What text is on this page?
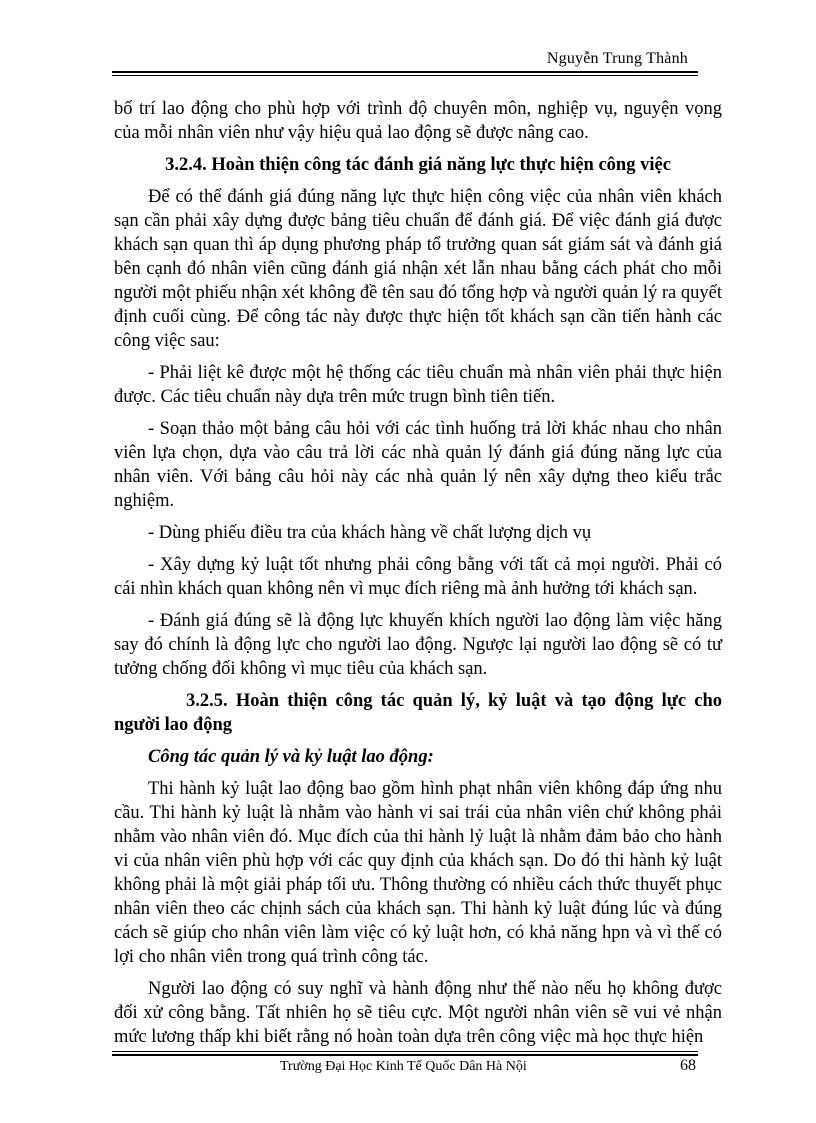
Nguyễn Trung Thành

bố trí lao động cho phù hợp với trình độ chuyên môn, nghiệp vụ, nguyện vọng của mỗi nhân viên như vậy hiệu quả lao động sẽ được nâng cao.

3.2.4. Hoàn thiện công tác đánh giá năng lực thực hiện công việc

Để có thể đánh giá đúng năng lực thực hiện công việc của nhân viên khách sạn cần phải xây dựng được bảng tiêu chuẩn để đánh giá. Để việc đánh giá được khách sạn quan thì áp dụng phương pháp tổ trưởng quan sát giám sát và đánh giá bên cạnh đó nhân viên cũng đánh giá nhận xét lẫn nhau bằng cách phát cho mỗi người một phiếu nhận xét không đề tên sau đó tổng hợp và người quản lý ra quyết định cuối cùng. Để công tác này được thực hiện tốt khách sạn cần tiến hành các công việc sau:

- Phải liệt kê được một hệ thống các tiêu chuẩn mà nhân viên phải thực hiện được. Các tiêu chuẩn này dựa trên mức trugn bình tiên tiến.

- Soạn thảo một bảng câu hỏi với các tình huống trả lời khác nhau cho nhân viên lựa chọn, dựa vào câu trả lời các nhà quản lý đánh giá đúng năng lực của nhân viên. Với bảng câu hỏi này các nhà quản lý nên xây dựng theo kiểu trắc nghiệm.

- Dùng phiếu điều tra của khách hàng về chất lượng dịch vụ

- Xây dựng kỷ luật tốt nhưng phải công bằng với tất cả mọi người. Phải có cái nhìn khách quan không nên vì mục đích riêng mà ảnh hưởng tới khách sạn.

- Đánh giá đúng sẽ là động lực khuyến khích người lao động làm việc hăng say đó chính là động lực cho người lao động. Ngược lại người lao động sẽ có tư tưởng chống đối không vì mục tiêu của khách sạn.

3.2.5. Hoàn thiện công tác quản lý, kỷ luật và tạo động lực cho người lao động

Công tác quản lý và kỷ luật lao động:

Thi hành kỷ luật lao động bao gồm hình phạt nhân viên không đáp ứng nhu cầu. Thi hành kỷ luật là nhằm vào hành vi sai trái của nhân viên chứ không phải nhằm vào nhân viên đó. Mục đích của thi hành lỷ luật là nhằm đảm bảo cho hành vi của nhân viên phù hợp với các quy định của khách sạn. Do đó thi hành kỷ luật không phải là một giải pháp tối ưu. Thông thường có nhiều cách thức thuyết phục nhân viên theo các chịnh sách của khách sạn. Thi hành kỷ luật đúng lúc và đúng cách sẽ giúp cho nhân viên làm việc có kỷ luật hơn, có khả năng hpn và vì thế có lợi cho nhân viên trong quá trình công tác.

Người lao động có suy nghĩ và hành động như thế nào nếu họ không được đối xử công bằng. Tất nhiên họ sẽ tiêu cực. Một người nhân viên sẽ vui vẻ nhận mức lương thấp khi biết rằng nó hoàn toàn dựa trên công việc mà học thực hiện

Trường Đại Học Kinh Tế Quốc Dân Hà Nội	68
